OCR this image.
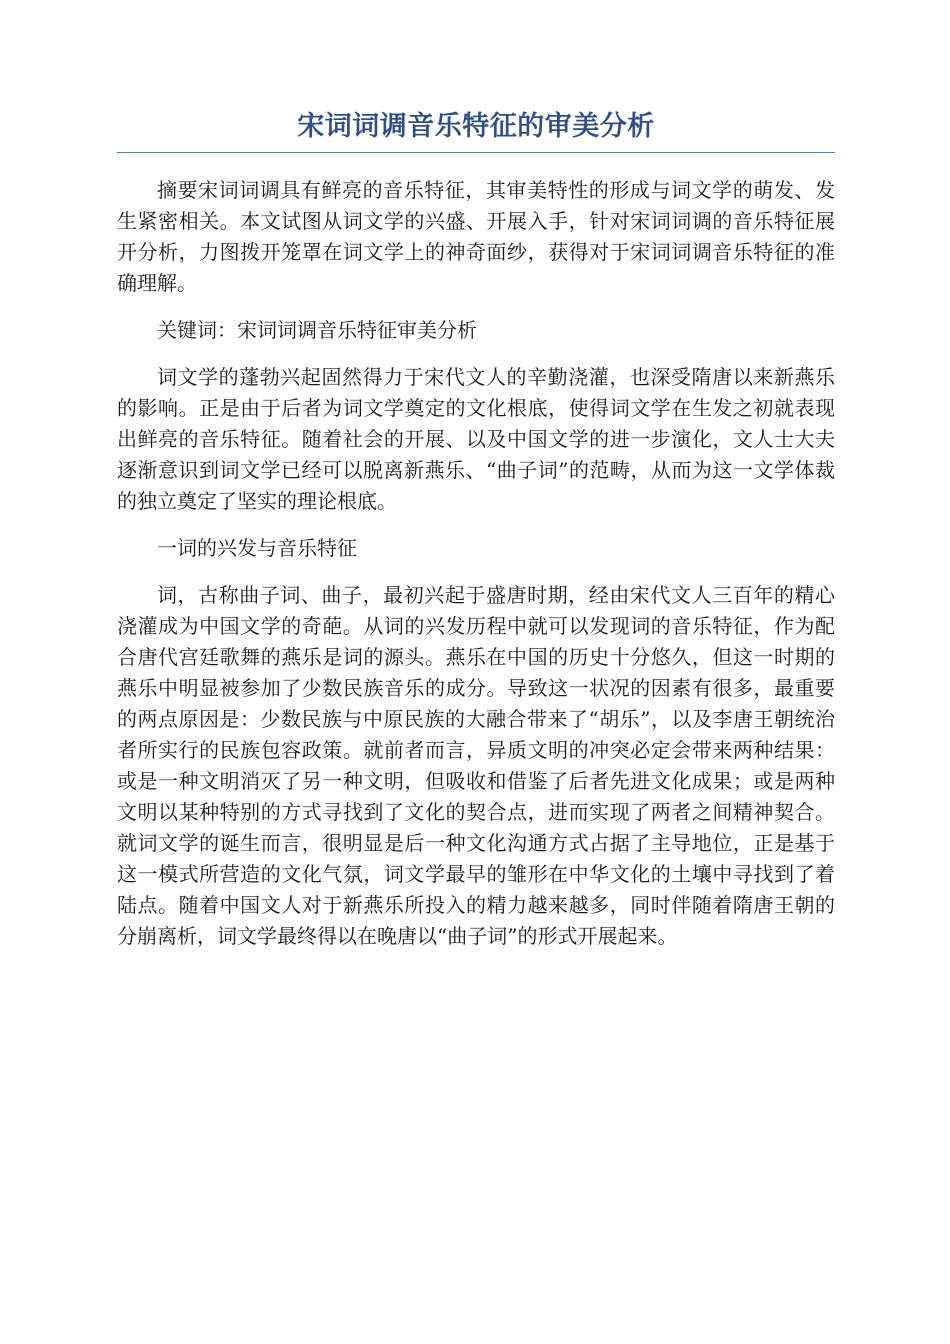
宋词词调音乐特征的审美分析

摘要宋词词调具有鲜亮的音乐特征，其审美特性的形成与词文学的萌发、发生紧密相关。本文试图从词文学的兴盛、开展入手，针对宋词词调的音乐特征展开分析，力图拨开笼罩在词文学上的神奇面纱，获得对于宋词词调音乐特征的准确理解。

关键词：宋词词调音乐特征审美分析

词文学的蓬勃兴起固然得力于宋代文人的辛勤浇灌，也深受隋唐以来新燕乐的影响。正是由于后者为词文学奠定的文化根底，使得词文学在生发之初就表现出鲜亮的音乐特征。随着社会的开展、以及中国文学的进一步演化，文人士大夫逐渐意识到词文学已经可以脱离新燕乐、“曲子词”的范畴，从而为这一文学体裁的独立奠定了坚实的理论根底。

一词的兴发与音乐特征

词，古称曲子词、曲子，最初兴起于盛唐时期，经由宋代文人三百年的精心浇灌成为中国文学的奇葩。从词的兴发历程中就可以发现词的音乐特征，作为配合唐代宫廷歌舞的燕乐是词的源头。燕乐在中国的历史十分悠久，但这一时期的燕乐中明显被参加了少数民族音乐的成分。导致这一状况的因素有很多，最重要的两点原因是：少数民族与中原民族的大融合带来了“胡乐”，以及李唐王朝统治者所实行的民族包容政策。就前者而言，异质文明的冲突必定会带来两种结果：或是一种文明消灭了另一种文明，但吸收和借鉴了后者先进文化成果；或是两种文明以某种特别的方式寻找到了文化的契合点，进而实现了两者之间精神契合。就词文学的诞生而言，很明显是后一种文化沟通方式占据了主导地位，正是基于这一模式所营造的文化气氛，词文学最早的雏形在中华文化的土壤中寻找到了着陆点。随着中国文人对于新燕乐所投入的精力越来越多，同时伴随着隋唐王朝的分崩离析，词文学最终得以在晚唐以“曲子词”的形式开展起来。
